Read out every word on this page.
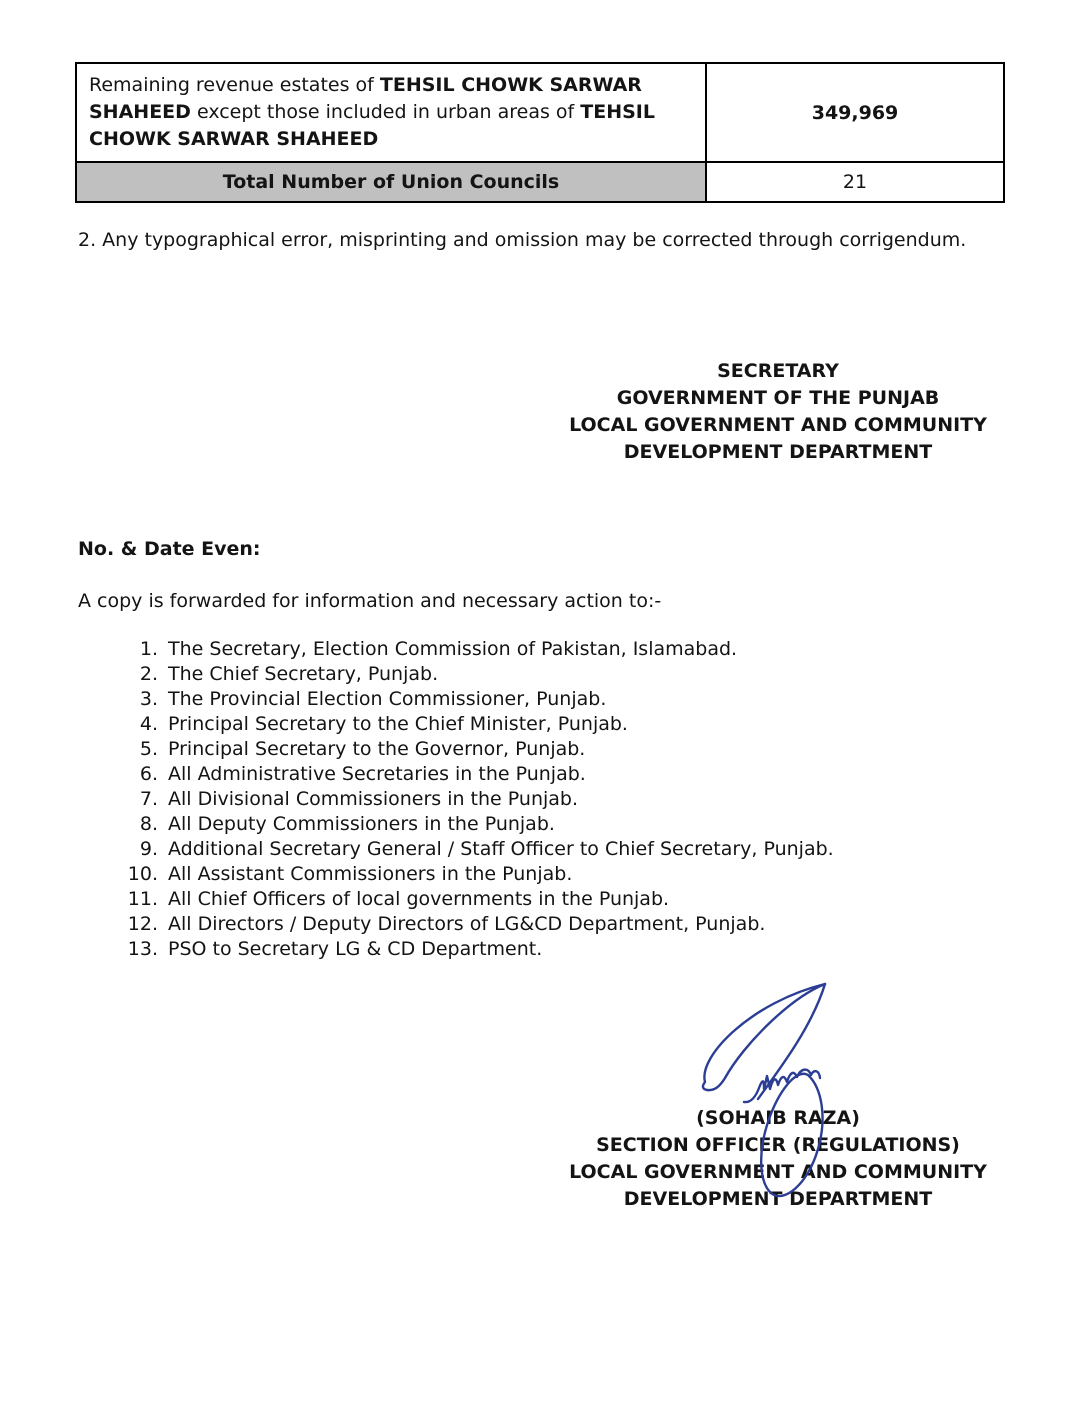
Remaining revenue estates of TEHSIL CHOWK SARWAR SHAHEED except those included in urban areas of TEHSIL CHOWK SARWAR SHAHEED	349,969
Total Number of Union Councils	21
2. Any typographical error, misprinting and omission may be corrected through corrigendum.
SECRETARY
GOVERNMENT OF THE PUNJAB
LOCAL GOVERNMENT AND COMMUNITY
DEVELOPMENT DEPARTMENT
No. & Date Even:
A copy is forwarded for information and necessary action to:-
1. The Secretary, Election Commission of Pakistan, Islamabad.
2. The Chief Secretary, Punjab.
3. The Provincial Election Commissioner, Punjab.
4. Principal Secretary to the Chief Minister, Punjab.
5. Principal Secretary to the Governor, Punjab.
6. All Administrative Secretaries in the Punjab.
7. All Divisional Commissioners in the Punjab.
8. All Deputy Commissioners in the Punjab.
9. Additional Secretary General / Staff Officer to Chief Secretary, Punjab.
10. All Assistant Commissioners in the Punjab.
11. All Chief Officers of local governments in the Punjab.
12. All Directors / Deputy Directors of LG&CD Department, Punjab.
13. PSO to Secretary LG & CD Department.
(SOHAIB RAZA)
SECTION OFFICER (REGULATIONS)
LOCAL GOVERNMENT AND COMMUNITY
DEVELOPMENT DEPARTMENT
